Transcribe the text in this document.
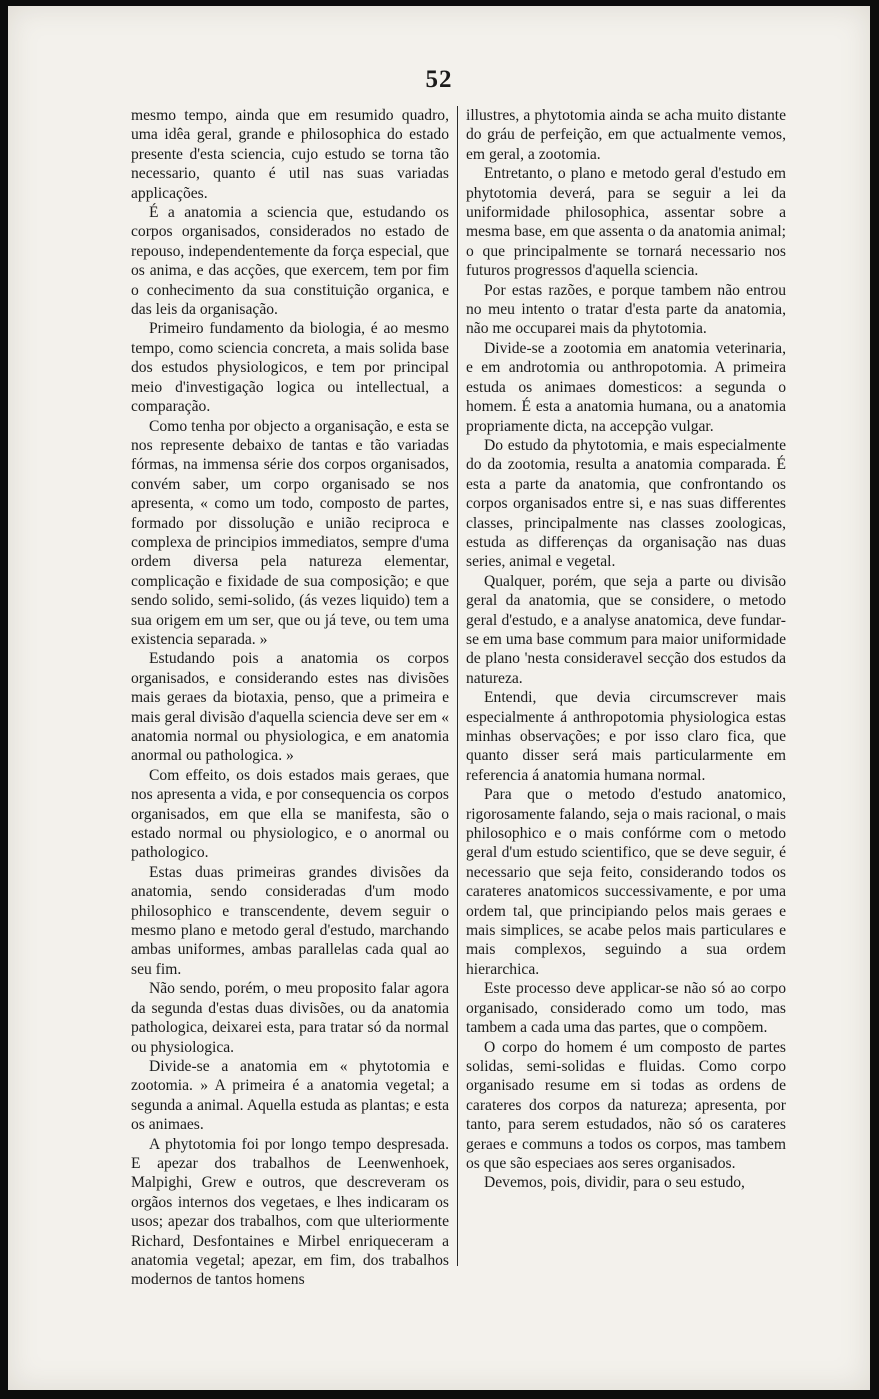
52

mesmo tempo, ainda que em resumido quadro, uma idêa geral, grande e philosophica do estado presente d'esta sciencia, cujo estudo se torna tão necessario, quanto é util nas suas variadas applicações.

É a anatomia a sciencia que, estudando os corpos organisados, considerados no estado de repouso, independentemente da força especial, que os anima, e das acções, que exercem, tem por fim o conhecimento da sua constituição organica, e das leis da organisação.

Primeiro fundamento da biologia, é ao mesmo tempo, como sciencia concreta, a mais solida base dos estudos physiologicos, e tem por principal meio d'investigação logica ou intellectual, a comparação.

Como tenha por objecto a organisação, e esta se nos represente debaixo de tantas e tão variadas fórmas, na immensa série dos corpos organisados, convém saber, um corpo organisado se nos apresenta, « como um todo, composto de partes, formado por dissolução e união reciproca e complexa de principios immediatos, sempre d'uma ordem diversa pela natureza elementar, complicação e fixidade de sua composição; e que sendo solido, semi-solido, (ás vezes liquido) tem a sua origem em um ser, que ou já teve, ou tem uma existencia separada. »

Estudando pois a anatomia os corpos organisados, e considerando estes nas divisões mais geraes da biotaxia, penso, que a primeira e mais geral divisão d'aquella sciencia deve ser em « anatomia normal ou physiologica, e em anatomia anormal ou pathologica. »

Com effeito, os dois estados mais geraes, que nos apresenta a vida, e por consequencia os corpos organisados, em que ella se manifesta, são o estado normal ou physiologico, e o anormal ou pathologico.

Estas duas primeiras grandes divisões da anatomia, sendo consideradas d'um modo philosophico e transcendente, devem seguir o mesmo plano e metodo geral d'estudo, marchando ambas uniformes, ambas parallelas cada qual ao seu fim.

Não sendo, porém, o meu proposito falar agora da segunda d'estas duas divisões, ou da anatomia pathologica, deixarei esta, para tratar só da normal ou physiologica.

Divide-se a anatomia em « phytotomia e zootomia. » A primeira é a anatomia vegetal; a segunda a animal. Aquella estuda as plantas; e esta os animaes.

A phytotomia foi por longo tempo despresada. E apezar dos trabalhos de Leenwenhoek, Malpighi, Grew e outros, que descreveram os orgãos internos dos vegetaes, e lhes indicaram os usos; apezar dos trabalhos, com que ulteriormente Richard, Desfontaines e Mirbel enriqueceram a anatomia vegetal; apezar, em fim, dos trabalhos modernos de tantos homens

illustres, a phytotomia ainda se acha muito distante do gráu de perfeição, em que actualmente vemos, em geral, a zootomia.

Entretanto, o plano e metodo geral d'estudo em phytotomia deverá, para se seguir a lei da uniformidade philosophica, assentar sobre a mesma base, em que assenta o da anatomia animal; o que principalmente se tornará necessario nos futuros progressos d'aquella sciencia.

Por estas razões, e porque tambem não entrou no meu intento o tratar d'esta parte da anatomia, não me occuparei mais da phytotomia.

Divide-se a zootomia em anatomia veterinaria, e em androtomia ou anthropotomia. A primeira estuda os animaes domesticos: a segunda o homem. É esta a anatomia humana, ou a anatomia propriamente dicta, na accepção vulgar.

Do estudo da phytotomia, e mais especialmente do da zootomia, resulta a anatomia comparada. É esta a parte da anatomia, que confrontando os corpos organisados entre si, e nas suas differentes classes, principalmente nas classes zoologicas, estuda as differenças da organisação nas duas series, animal e vegetal.

Qualquer, porém, que seja a parte ou divisão geral da anatomia, que se considere, o metodo geral d'estudo, e a analyse anatomica, deve fundar-se em uma base commum para maior uniformidade de plano 'nesta consideravel secção dos estudos da natureza.

Entendi, que devia circumscrever mais especialmente á anthropotomia physiologica estas minhas observações; e por isso claro fica, que quanto disser será mais particularmente em referencia á anatomia humana normal.

Para que o metodo d'estudo anatomico, rigorosamente falando, seja o mais racional, o mais philosophico e o mais confórme com o metodo geral d'um estudo scientifico, que se deve seguir, é necessario que seja feito, considerando todos os carateres anatomicos successivamente, e por uma ordem tal, que principiando pelos mais geraes e mais simplices, se acabe pelos mais particulares e mais complexos, seguindo a sua ordem hierarchica.

Este processo deve applicar-se não só ao corpo organisado, considerado como um todo, mas tambem a cada uma das partes, que o compõem.

O corpo do homem é um composto de partes solidas, semi-solidas e fluidas. Como corpo organisado resume em si todas as ordens de carateres dos corpos da natureza; apresenta, por tanto, para serem estudados, não só os carateres geraes e communs a todos os corpos, mas tambem os que são especiaes aos seres organisados.

Devemos, pois, dividir, para o seu estudo,
